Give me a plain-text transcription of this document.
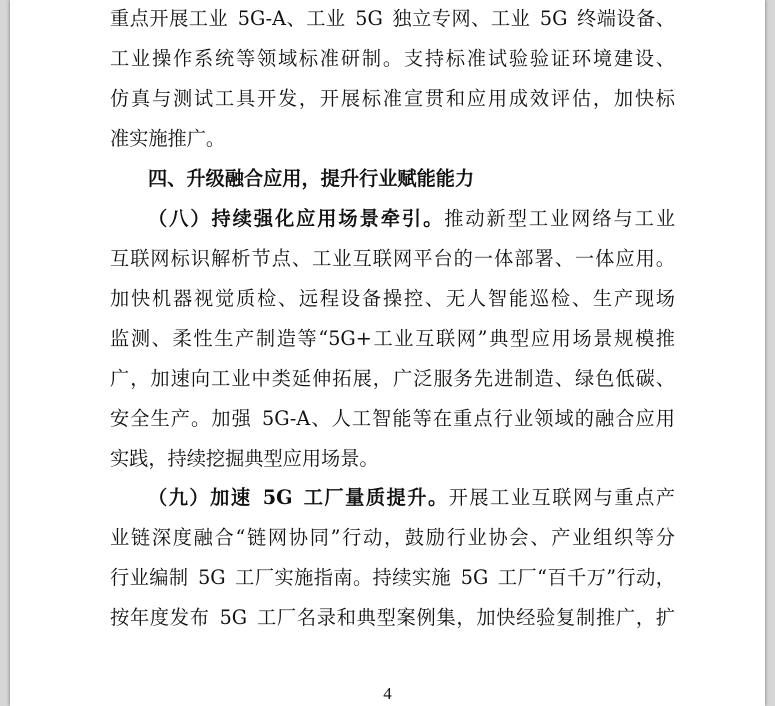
重点开展工业 5G-A、工业 5G 独立专网、工业 5G 终端设备、
工业操作系统等领域标准研制。支持标准试验验证环境建设、
仿真与测试工具开发，开展标准宣贯和应用成效评估，加快标
准实施推广。
四、升级融合应用，提升行业赋能能力
（八）持续强化应用场景牵引。推动新型工业网络与工业
互联网标识解析节点、工业互联网平台的一体部署、一体应用。
加快机器视觉质检、远程设备操控、无人智能巡检、生产现场
监测、柔性生产制造等“5G+工业互联网”典型应用场景规模推
广，加速向工业中类延伸拓展，广泛服务先进制造、绿色低碳、
安全生产。加强 5G-A、人工智能等在重点行业领域的融合应用
实践，持续挖掘典型应用场景。
（九）加速 5G 工厂量质提升。开展工业互联网与重点产
业链深度融合“链网协同”行动，鼓励行业协会、产业组织等分
行业编制 5G 工厂实施指南。持续实施 5G 工厂“百千万”行动，
按年度发布 5G 工厂名录和典型案例集，加快经验复制推广，扩
4
